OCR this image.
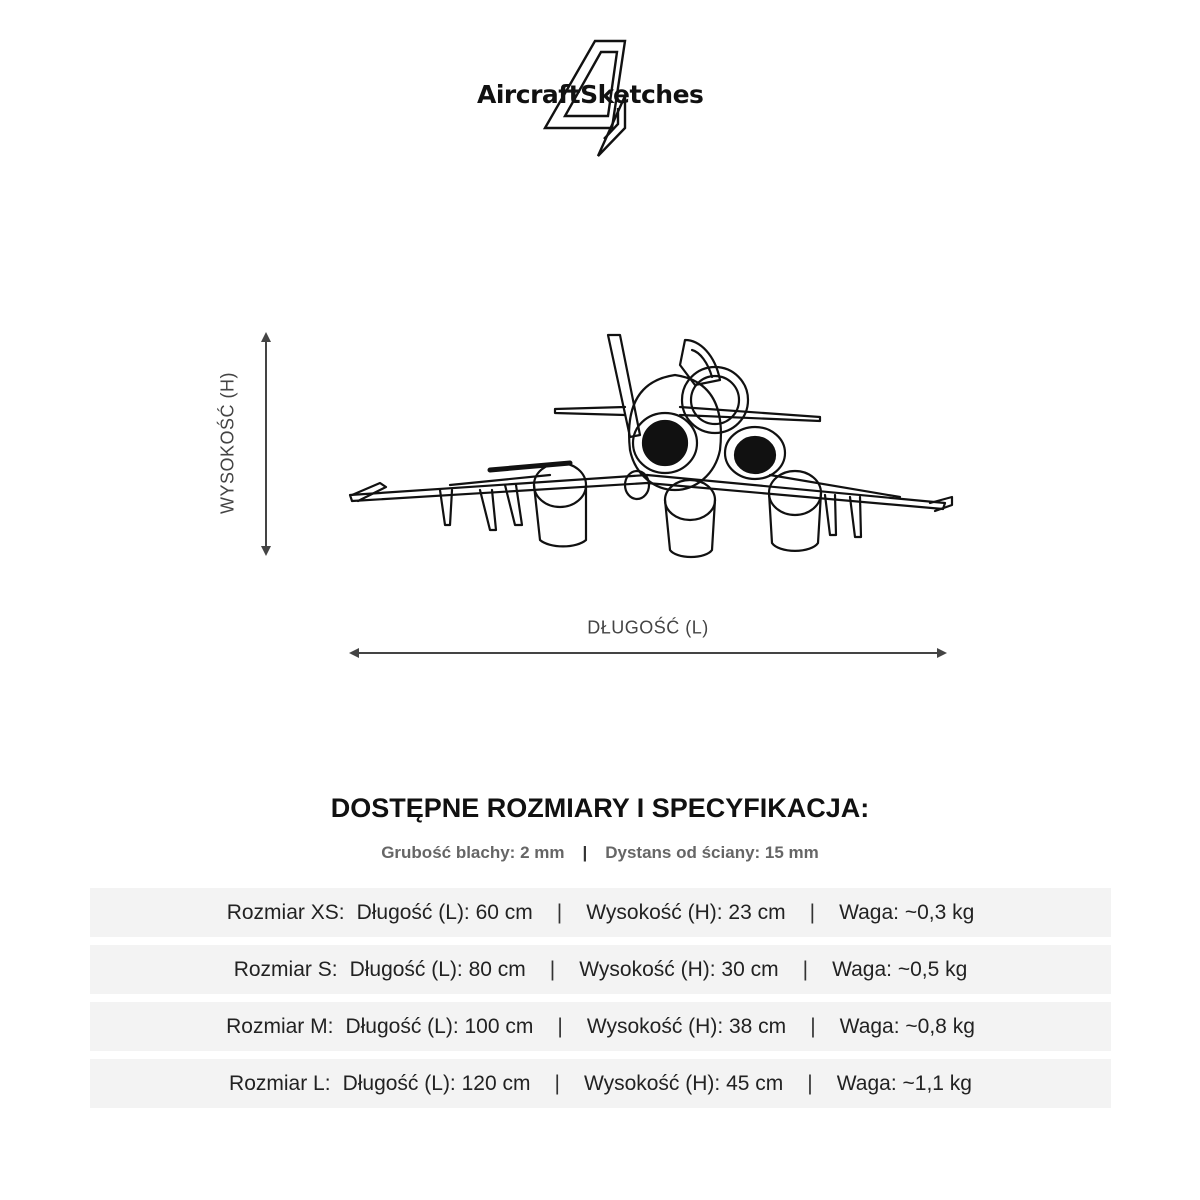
AircraftSketches
WYSOKOŚĆ (H)
DŁUGOŚĆ (L)
DOSTĘPNE ROZMIARY I SPECYFIKACJA:
Grubość blachy: 2 mm | Dystans od ściany: 15 mm
Rozmiar XS: Długość (L): 60 cm | Wysokość (H): 23 cm | Waga: ~0,3 kg
Rozmiar S: Długość (L): 80 cm | Wysokość (H): 30 cm | Waga: ~0,5 kg
Rozmiar M: Długość (L): 100 cm | Wysokość (H): 38 cm | Waga: ~0,8 kg
Rozmiar L: Długość (L): 120 cm | Wysokość (H): 45 cm | Waga: ~1,1 kg
